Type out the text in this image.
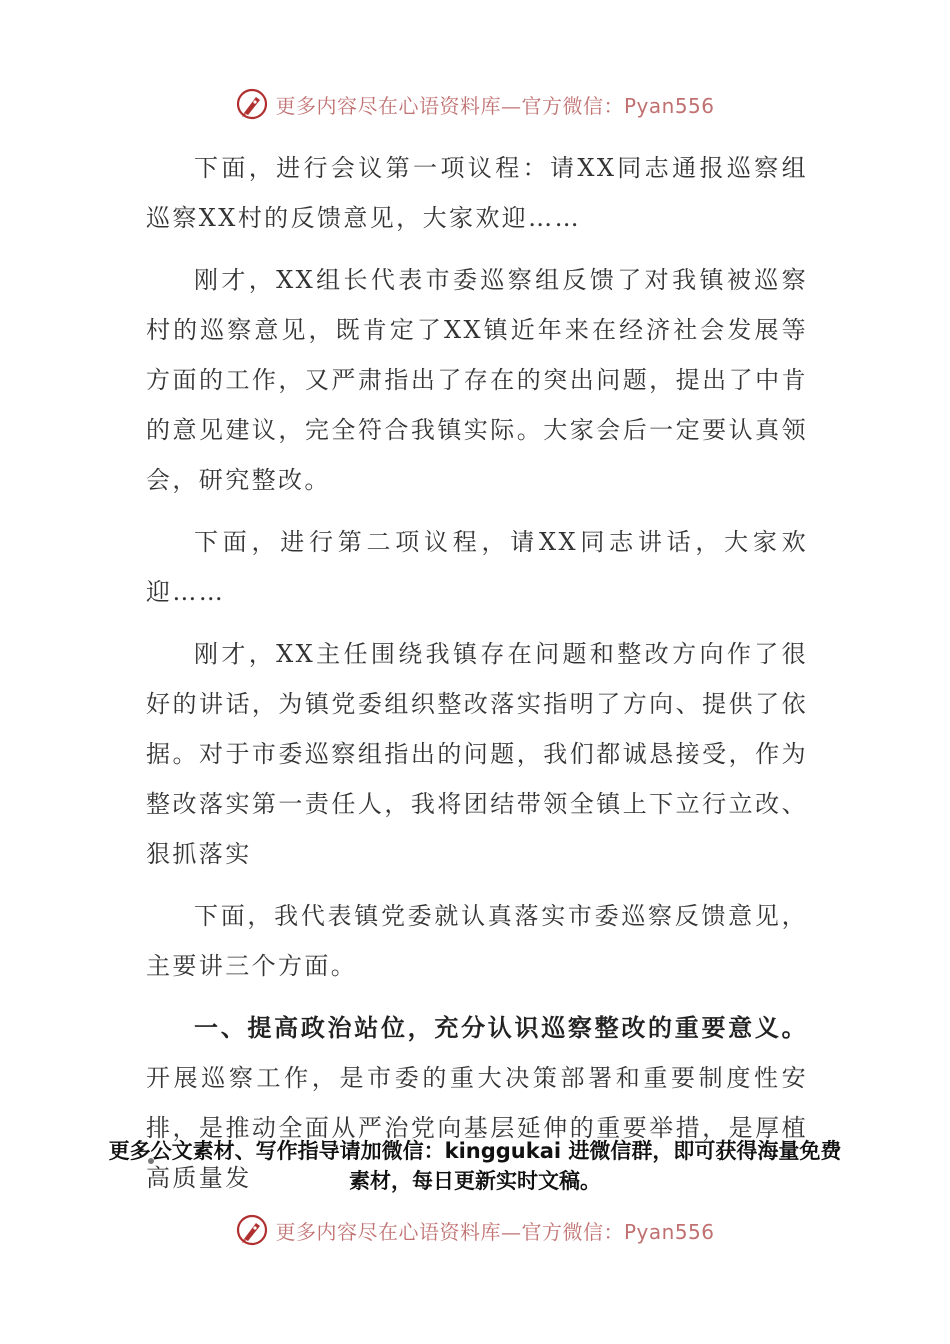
更多内容尽在心语资料库—官方微信：Pyan556

下面，进行会议第一项议程：请XX同志通报巡察组巡察XX村的反馈意见，大家欢迎……

刚才，XX组长代表市委巡察组反馈了对我镇被巡察村的巡察意见，既肯定了XX镇近年来在经济社会发展等方面的工作，又严肃指出了存在的突出问题，提出了中肯的意见建议，完全符合我镇实际。大家会后一定要认真领会，研究整改。

下面，进行第二项议程，请XX同志讲话，大家欢迎……

刚才，XX主任围绕我镇存在问题和整改方向作了很好的讲话，为镇党委组织整改落实指明了方向、提供了依据。对于市委巡察组指出的问题，我们都诚恳接受，作为整改落实第一责任人，我将团结带领全镇上下立行立改、狠抓落实

下面，我代表镇党委就认真落实市委巡察反馈意见，主要讲三个方面。

一、提高政治站位，充分认识巡察整改的重要意义。开展巡察工作，是市委的重大决策部署和重要制度性安排，是推动全面从严治党向基层延伸的重要举措，是厚植高质量发

更多公文素材、写作指导请加微信：kinggukai 进微信群，即可获得海量免费素材，每日更新实时文稿。

更多内容尽在心语资料库—官方微信：Pyan556
